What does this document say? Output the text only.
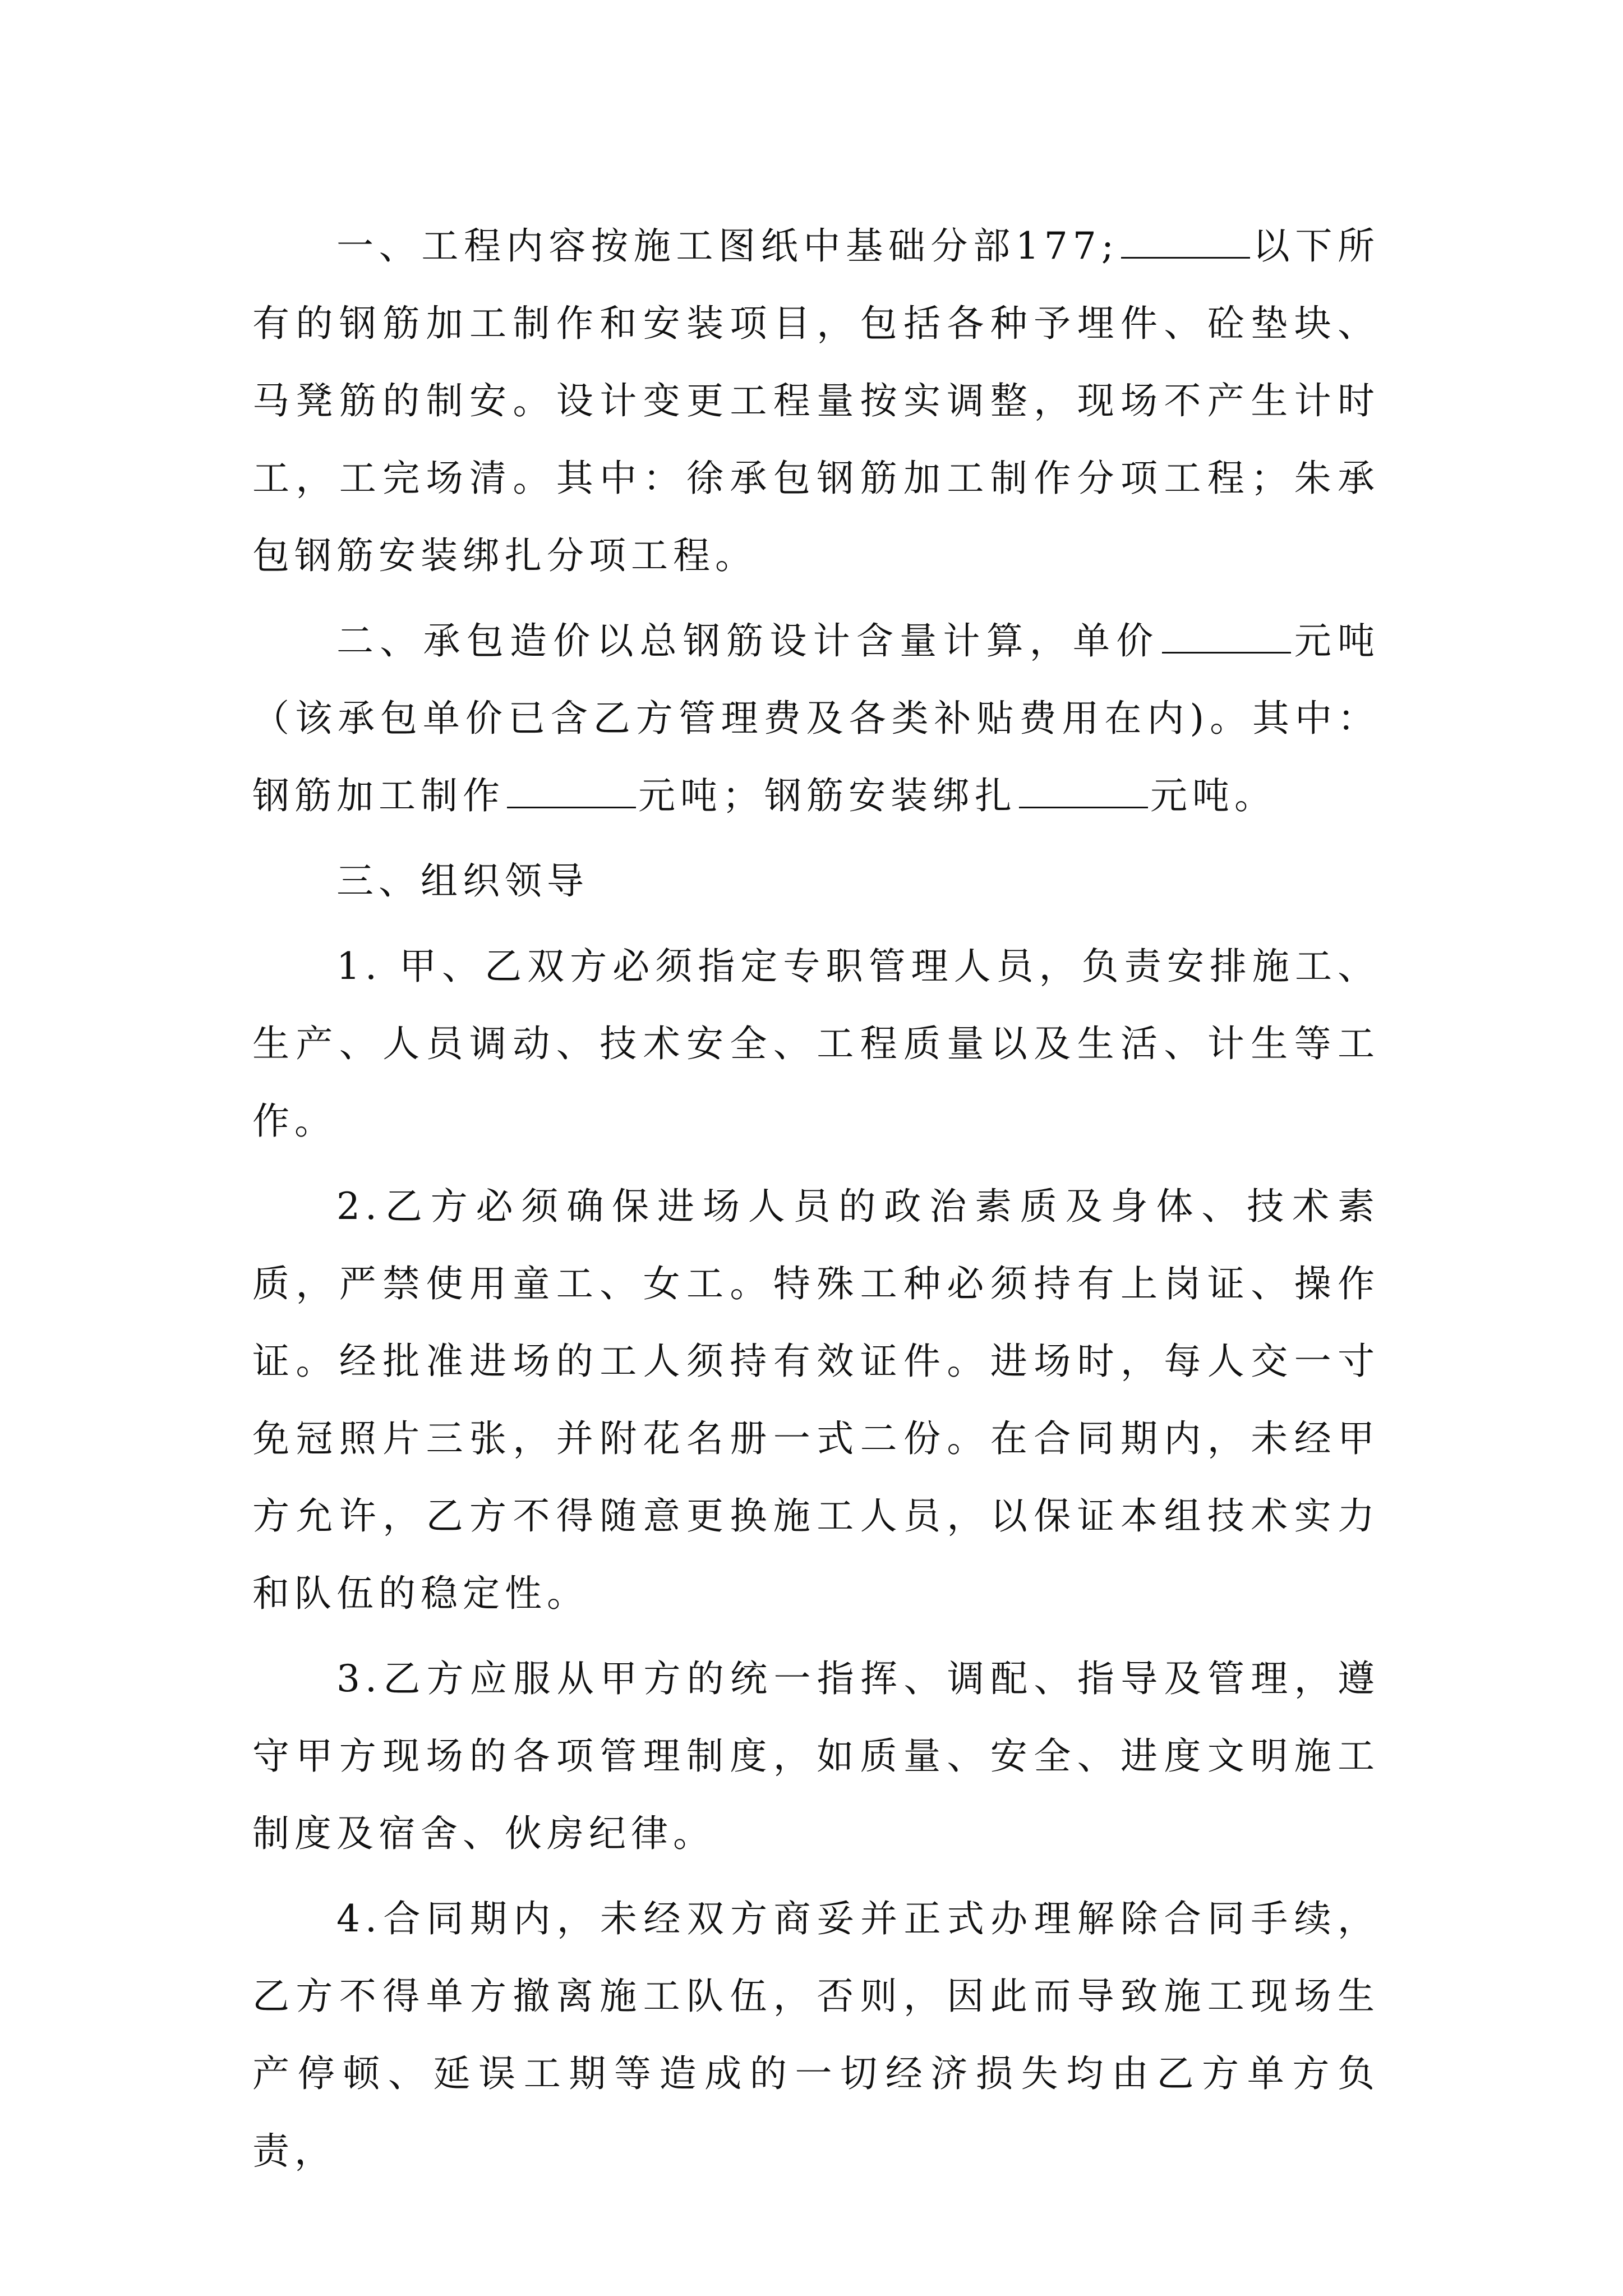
一、工程内容按施工图纸中基础分部177;	以下所有的钢筋加工制作和安装项目，包括各种予埋件、砼垫块、马凳筋的制安。设计变更工程量按实调整，现场不产生计时工，工完场清。其中：徐承包钢筋加工制作分项工程；朱承包钢筋安装绑扎分项工程。

二、承包造价以总钢筋设计含量计算，单价	元吨（该承包单价已含乙方管理费及各类补贴费用在内)。其中：钢筋加工制作	元吨；钢筋安装绑扎	元吨。

三、组织领导

1. 甲、乙双方必须指定专职管理人员，负责安排施工、生产、人员调动、技术安全、工程质量以及生活、计生等工作。

2.乙方必须确保进场人员的政治素质及身体、技术素质，严禁使用童工、女工。特殊工种必须持有上岗证、操作证。经批准进场的工人须持有效证件。进场时，每人交一寸免冠照片三张，并附花名册一式二份。在合同期内，未经甲方允许，乙方不得随意更换施工人员，以保证本组技术实力和队伍的稳定性。

3.乙方应服从甲方的统一指挥、调配、指导及管理，遵守甲方现场的各项管理制度，如质量、安全、进度文明施工制度及宿舍、伙房纪律。

4.合同期内，未经双方商妥并正式办理解除合同手续，乙方不得单方撤离施工队伍，否则，因此而导致施工现场生产停顿、延误工期等造成的一切经济损失均由乙方单方负责，
